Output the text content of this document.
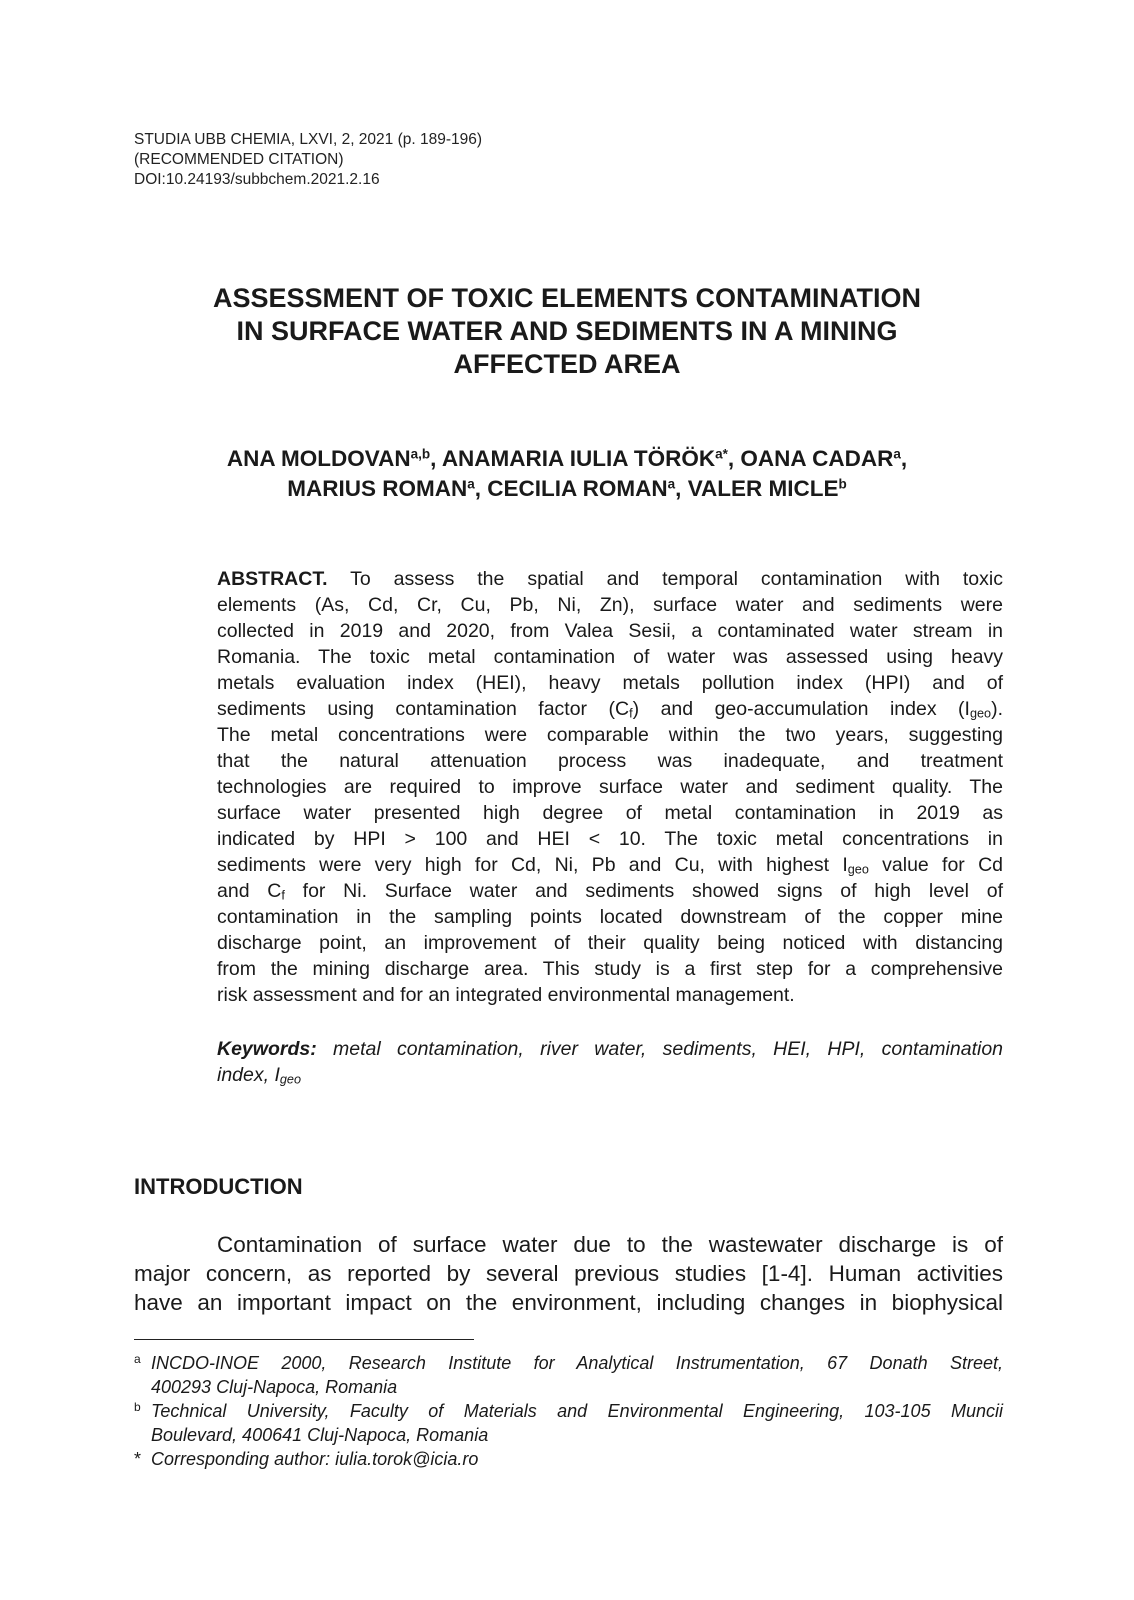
STUDIA UBB CHEMIA, LXVI, 2, 2021 (p. 189-196)
(RECOMMENDED CITATION)
DOI:10.24193/subbchem.2021.2.16
ASSESSMENT OF TOXIC ELEMENTS CONTAMINATION
IN SURFACE WATER AND SEDIMENTS IN A MINING
AFFECTED AREA
ANA MOLDOVAN$^{a,b}$, ANAMARIA IULIA $TÖRÖK^{a*}$, OANA CADAR$^a$,
MARIUS ROMAN$^a$, CECILIA ROMAN$^a$, VALER MICLE$^b$
ABSTRACT. To assess the spatial and temporal contamination with toxic
elements (As, Cd, Cr, Cu, Pb, Ni, Zn), surface water and sediments were
collected in 2019 and 2020, from Valea Sesii, a contaminated water stream in
Romania. The toxic metal contamination of water was assessed using heavy
metals evaluation index (HEI), heavy metals pollution index (HPI) and of
sediments using contamination factor $(C_f)$ and geo-accumulation index $(I_{geo})$.
The metal concentrations were comparable within the two years, suggesting
that the natural attenuation process was inadequate, and treatment
technologies are required to improve surface water and sediment quality. The
surface water presented high degree of metal contamination in 2019 as
indicated by HPI > 100 and HEI < 10. The toxic metal concentrations in
sediments were very high for Cd, Ni, Pb and Cu, with highest $I_{geo}$ value for Cd
and $C_f$ for Ni. Surface water and sediments showed signs of high level of
contamination in the sampling points located downstream of the copper mine
discharge point, an improvement of their quality being noticed with distancing
from the mining discharge area. This study is a first step for a comprehensive
risk assessment and for an integrated environmental management.
Keywords: metal contamination, river water, sediments, HEI, HPI, contamination
index, $I_{geo}$
INTRODUCTION
Contamination of surface water due to the wastewater discharge is of
major concern, as reported by several previous studies [1-4]. Human activities
have an important impact on the environment, including changes in biophysical
a INCDO-INOE 2000, Research Institute for Analytical Instrumentation, 67 Donath Street,
400293 Cluj-Napoca, Romania
b Technical University, Faculty of Materials and Environmental Engineering, 103-105 Muncii
Boulevard, 400641 Cluj-Napoca, Romania
* Corresponding author: iulia.torok@icia.ro
